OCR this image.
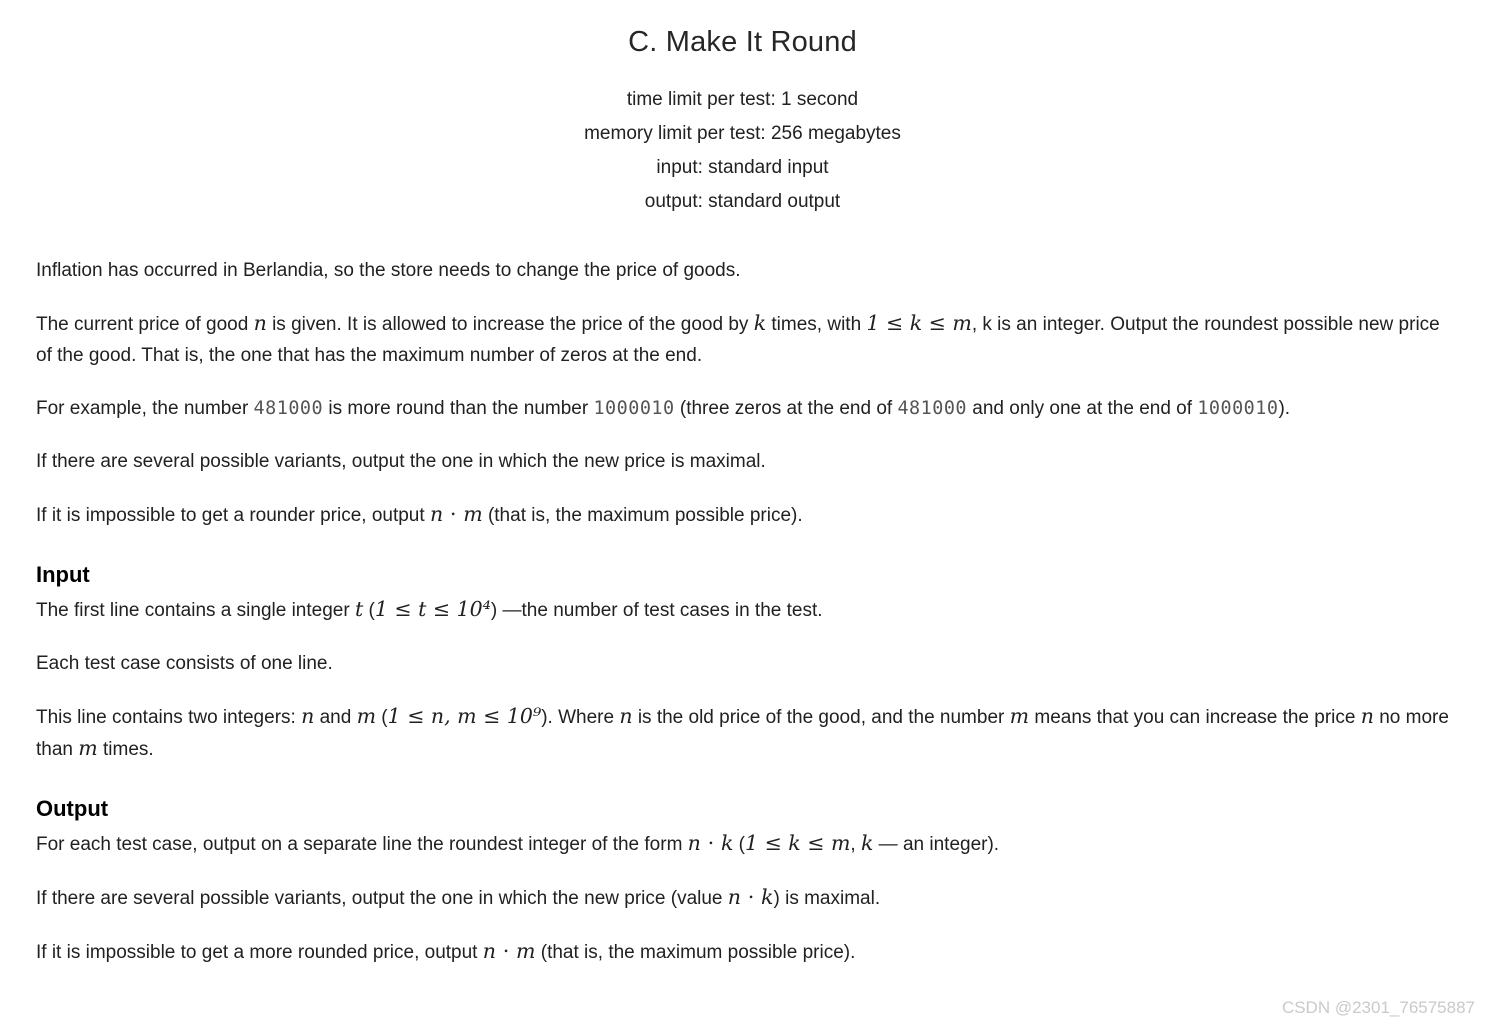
C. Make It Round
time limit per test: 1 second
memory limit per test: 256 megabytes
input: standard input
output: standard output

Inflation has occurred in Berlandia, so the store needs to change the price of goods.

The current price of good n is given. It is allowed to increase the price of the good by k times, with 1 ≤ k ≤ m, k is an integer. Output the roundest possible new price of the good. That is, the one that has the maximum number of zeros at the end.

For example, the number 481000 is more round than the number 1000010 (three zeros at the end of 481000 and only one at the end of 1000010).

If there are several possible variants, output the one in which the new price is maximal.

If it is impossible to get a rounder price, output n ⋅ m (that is, the maximum possible price).

Input

The first line contains a single integer t (1 ≤ t ≤ 10⁴) —the number of test cases in the test.

Each test case consists of one line.

This line contains two integers: n and m (1 ≤ n, m ≤ 10⁹). Where n is the old price of the good, and the number m means that you can increase the price n no more than m times.

Output

For each test case, output on a separate line the roundest integer of the form n ⋅ k (1 ≤ k ≤ m, k — an integer).

If there are several possible variants, output the one in which the new price (value n ⋅ k) is maximal.

If it is impossible to get a more rounded price, output n ⋅ m (that is, the maximum possible price).

CSDN @2301_76575887
